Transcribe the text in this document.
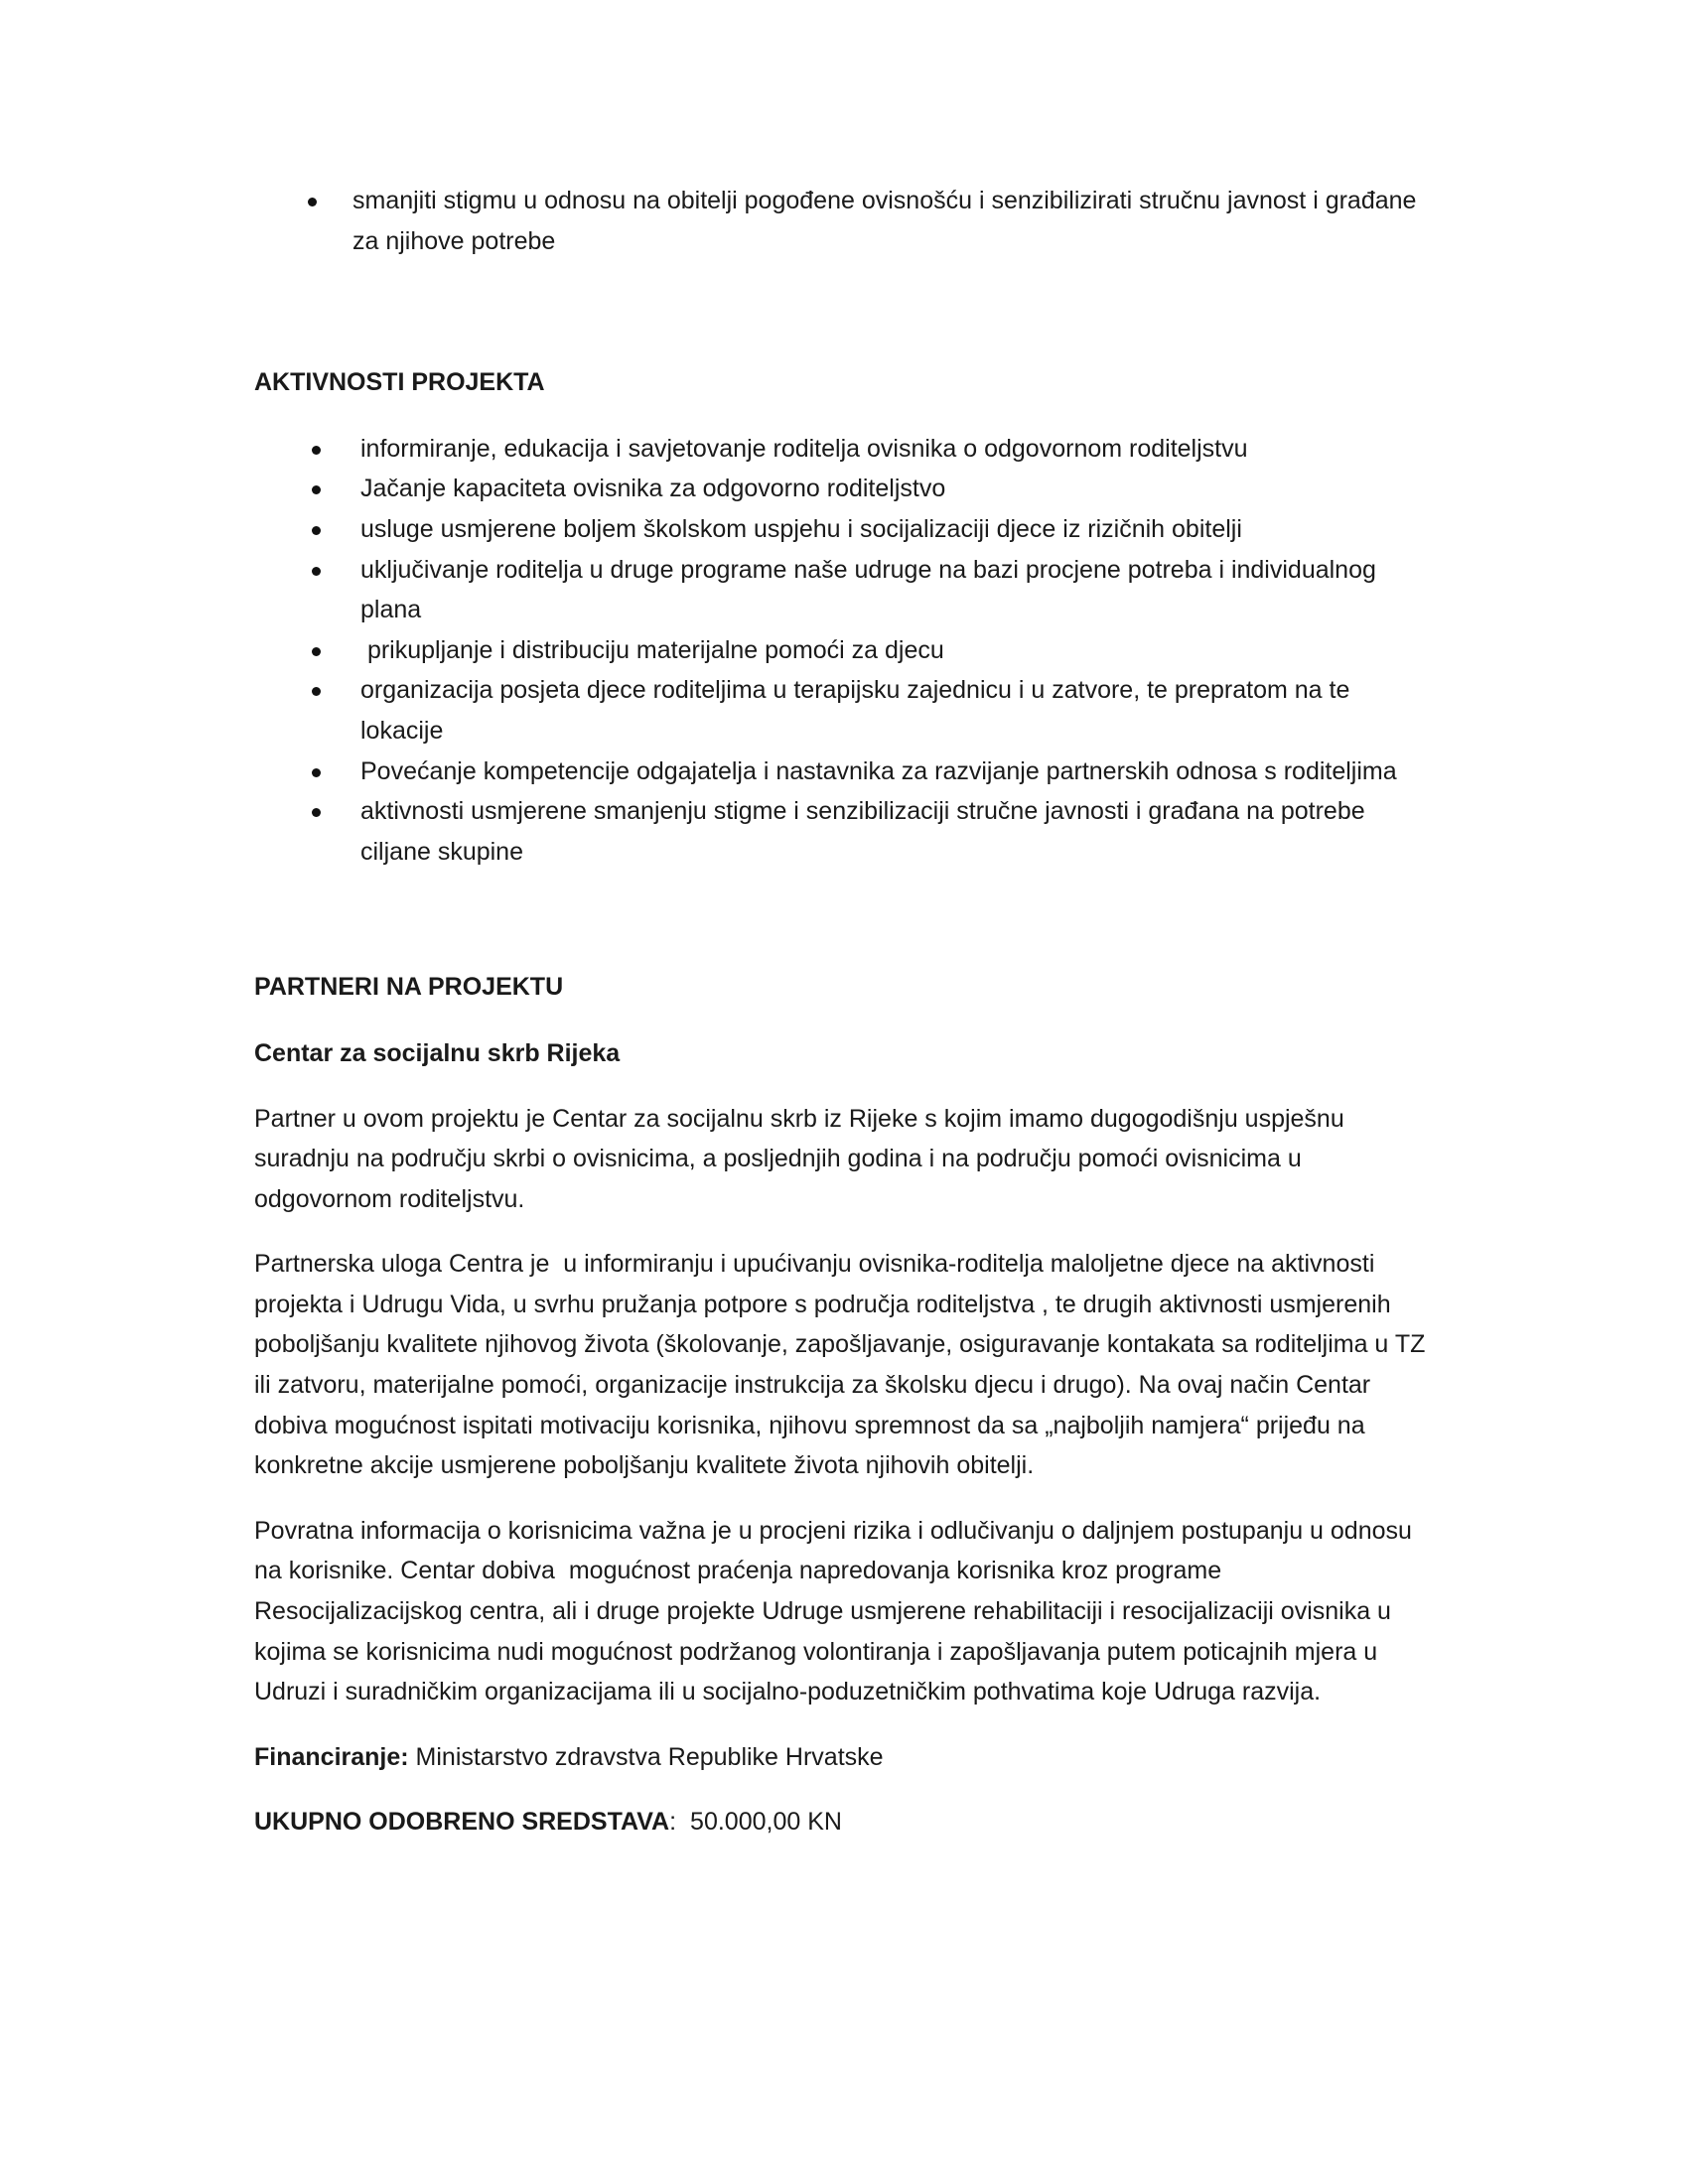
smanjiti stigmu u odnosu na obitelji pogođene ovisnošću i senzibilizirati stručnu javnost i građane za njihove potrebe
AKTIVNOSTI PROJEKTA
informiranje, edukacija i savjetovanje roditelja ovisnika o odgovornom roditeljstvu
Jačanje kapaciteta ovisnika za odgovorno roditeljstvo
usluge usmjerene boljem školskom uspjehu i socijalizaciji djece iz rizičnih obitelji
uključivanje roditelja u druge programe naše udruge na bazi procjene potreba i individualnog plana
prikupljanje i distribuciju materijalne pomoći za djecu
organizacija posjeta djece roditeljima u terapijsku zajednicu i u zatvore, te prepratom na te lokacije
Povećanje kompetencije odgajatelja i nastavnika za razvijanje partnerskih odnosa s roditeljima
aktivnosti usmjerene smanjenju stigme i senzibilizaciji stručne javnosti i građana na potrebe ciljane skupine
PARTNERI NA PROJEKTU
Centar za socijalnu skrb Rijeka

Partner u ovom projektu je Centar za socijalnu skrb iz Rijeke s kojim imamo dugogodišnju uspješnu suradnju na području skrbi o ovisnicima, a posljednjih godina i na području pomoći ovisnicima u odgovornom roditeljstvu.

Partnerska uloga Centra je  u informiranju i upućivanju ovisnika-roditelja maloljetne djece na aktivnosti projekta i Udrugu Vida, u svrhu pružanja potpore s područja roditeljstva , te drugih aktivnosti usmjerenih poboljšanju kvalitete njihovog života (školovanje, zapošljavanje, osiguravanje kontakata sa roditeljima u TZ ili zatvoru, materijalne pomoći, organizacije instrukcija za školsku djecu i drugo). Na ovaj način Centar dobiva mogućnost ispitati motivaciju korisnika, njihovu spremnost da sa „najboljih namjera“ prijeđu na konkretne akcije usmjerene poboljšanju kvalitete života njihovih obitelji.

Povratna informacija o korisnicima važna je u procjeni rizika i odlučivanju o daljnjem postupanju u odnosu na korisnike. Centar dobiva  mogućnost praćenja napredovanja korisnika kroz programe Resocijalizacijskog centra, ali i druge projekte Udruge usmjerene rehabilitaciji i resocijalizaciji ovisnika u kojima se korisnicima nudi mogućnost podržanog volontiranja i zapošljavanja putem poticajnih mjera u Udruzi i suradničkim organizacijama ili u socijalno-poduzetničkim pothvatima koje Udruga razvija.

Financiranje: Ministarstvo zdravstva Republike Hrvatske

UKUPNO ODOBRENO SREDSTAVA: 50.000,00 KN
